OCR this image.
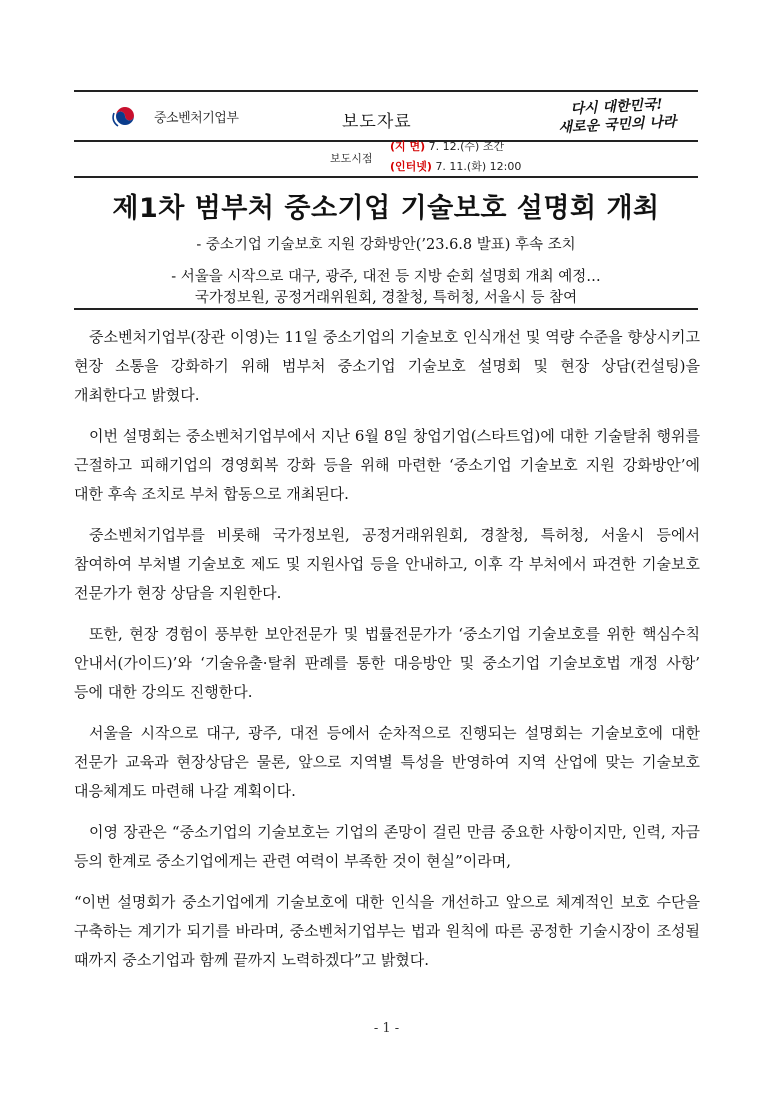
중소벤처기업부	보도자료
다시 대한민국!
새로운 국민의 나라
보도시점
(지 면) 7. 12.(수) 조간
(인터넷) 7. 11.(화) 12:00
제1차 범부처 중소기업 기술보호 설명회 개최
- 중소기업 기술보호 지원 강화방안(’23.6.8 발표) 후속 조치
- 서울을 시작으로 대구, 광주, 대전 등 지방 순회 설명회 개최 예정…
국가정보원, 공정거래위원회, 경찰청, 특허청, 서울시 등 참여

중소벤처기업부(장관 이영)는 11일 중소기업의 기술보호 인식개선 및 역량 수준을 향상시키고 현장 소통을 강화하기 위해 범부처 중소기업 기술보호 설명회 및 현장 상담(컨설팅)을 개최한다고 밝혔다.

이번 설명회는 중소벤처기업부에서 지난 6월 8일 창업기업(스타트업)에 대한 기술탈취 행위를 근절하고 피해기업의 경영회복 강화 등을 위해 마련한 ‘중소기업 기술보호 지원 강화방안’에 대한 후속 조치로 부처 합동으로 개최된다.

중소벤처기업부를 비롯해 국가정보원, 공정거래위원회, 경찰청, 특허청, 서울시 등에서 참여하여 부처별 기술보호 제도 및 지원사업 등을 안내하고, 이후 각 부처에서 파견한 기술보호 전문가가 현장 상담을 지원한다.

또한, 현장 경험이 풍부한 보안전문가 및 법률전문가가 ‘중소기업 기술보호를 위한 핵심수칙 안내서(가이드)’와 ‘기술유출·탈취 판례를 통한 대응방안 및 중소기업 기술보호법 개정 사항’ 등에 대한 강의도 진행한다.

서울을 시작으로 대구, 광주, 대전 등에서 순차적으로 진행되는 설명회는 기술보호에 대한 전문가 교육과 현장상담은 물론, 앞으로 지역별 특성을 반영하여 지역 산업에 맞는 기술보호 대응체계도 마련해 나갈 계획이다.

이영 장관은 “중소기업의 기술보호는 기업의 존망이 걸린 만큼 중요한 사항이지만, 인력, 자금 등의 한계로 중소기업에게는 관련 여력이 부족한 것이 현실”이라며,

“이번 설명회가 중소기업에게 기술보호에 대한 인식을 개선하고 앞으로 체계적인 보호 수단을 구축하는 계기가 되기를 바라며, 중소벤처기업부는 법과 원칙에 따른 공정한 기술시장이 조성될 때까지 중소기업과 함께 끝까지 노력하겠다”고 밝혔다.

- 1 -
